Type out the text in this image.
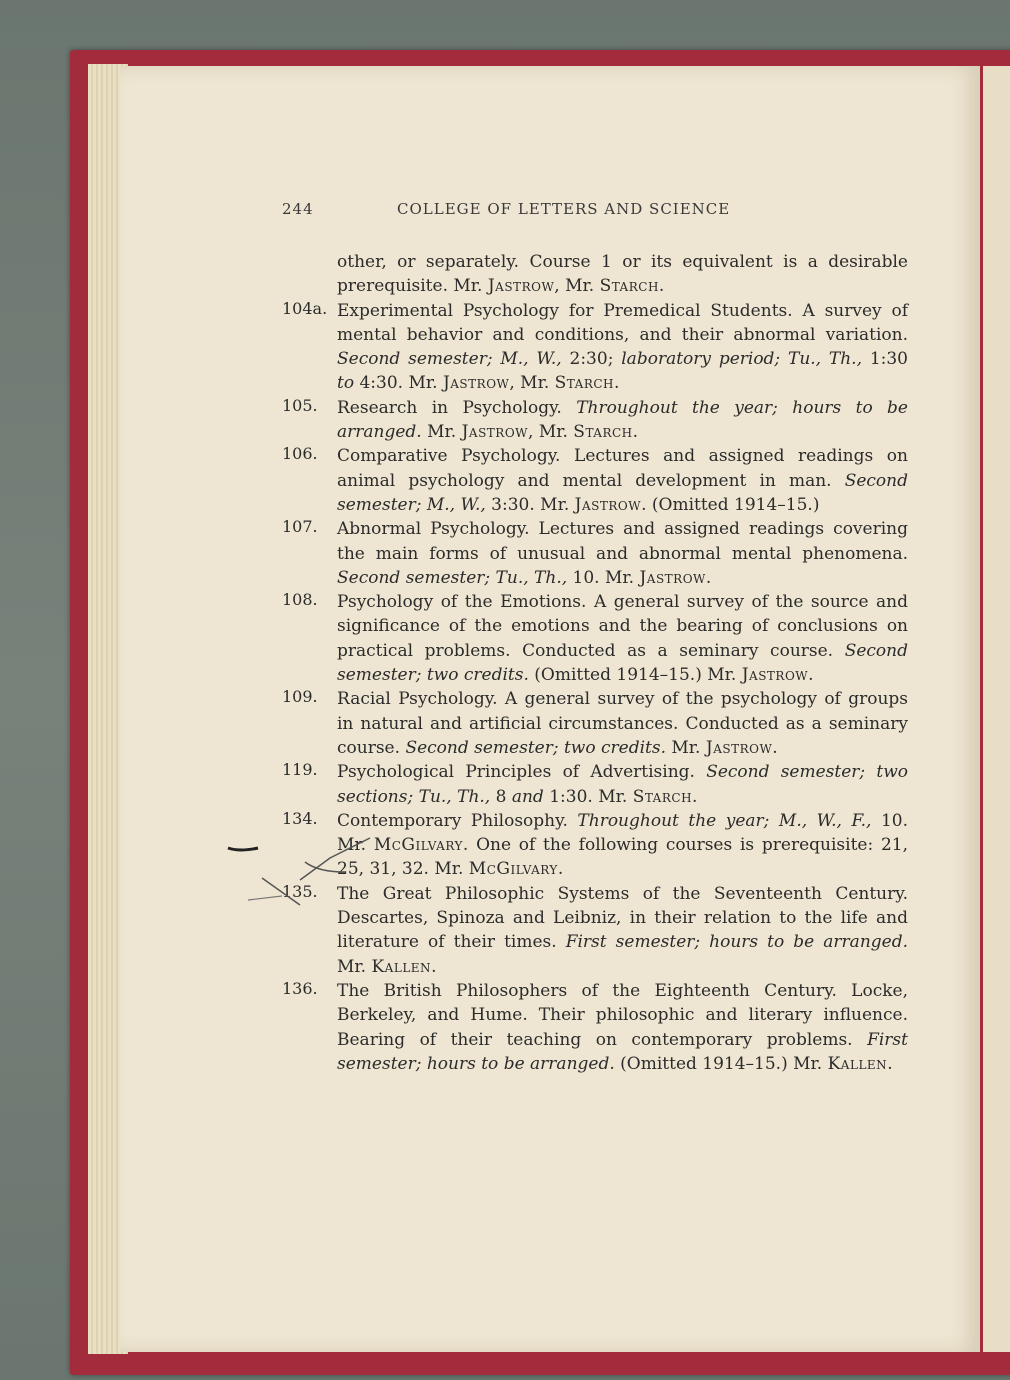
244	COLLEGE OF LETTERS AND SCIENCE
other, or separately. Course 1 or its equivalent is a desirable prerequisite. Mr. Jastrow, Mr. Starch.
104a. Experimental Psychology for Premedical Students. A survey of mental behavior and conditions, and their abnormal variation. Second semester; M., W., 2:30; laboratory period; Tu., Th., 1:30 to 4:30. Mr. Jastrow, Mr. Starch.
105. Research in Psychology. Throughout the year; hours to be arranged. Mr. Jastrow, Mr. Starch.
106. Comparative Psychology. Lectures and assigned readings on animal psychology and mental development in man. Second semester; M., W., 3:30. Mr. Jastrow. (Omitted 1914–15.)
107. Abnormal Psychology. Lectures and assigned readings covering the main forms of unusual and abnormal mental phenomena. Second semester; Tu., Th., 10. Mr. Jastrow.
108. Psychology of the Emotions. A general survey of the source and significance of the emotions and the bearing of conclusions on practical problems. Conducted as a seminary course. Second semester; two credits. (Omitted 1914–15.) Mr. Jastrow.
109. Racial Psychology. A general survey of the psychology of groups in natural and artificial circumstances. Conducted as a seminary course. Second semester; two credits. Mr. Jastrow.
119. Psychological Principles of Advertising. Second semester; two sections; Tu., Th., 8 and 1:30. Mr. Starch.
134. Contemporary Philosophy. Throughout the year; M., W., F., 10. Mr. McGilvary. One of the following courses is prerequisite: 21, 25, 31, 32. Mr. McGilvary.
135. The Great Philosophic Systems of the Seventeenth Century. Descartes, Spinoza and Leibniz, in their relation to the life and literature of their times. First semester; hours to be arranged. Mr. Kallen.
136. The British Philosophers of the Eighteenth Century. Locke, Berkeley, and Hume. Their philosophic and literary influence. Bearing of their teaching on contemporary problems. First semester; hours to be arranged. (Omitted 1914–15.) Mr. Kallen.
